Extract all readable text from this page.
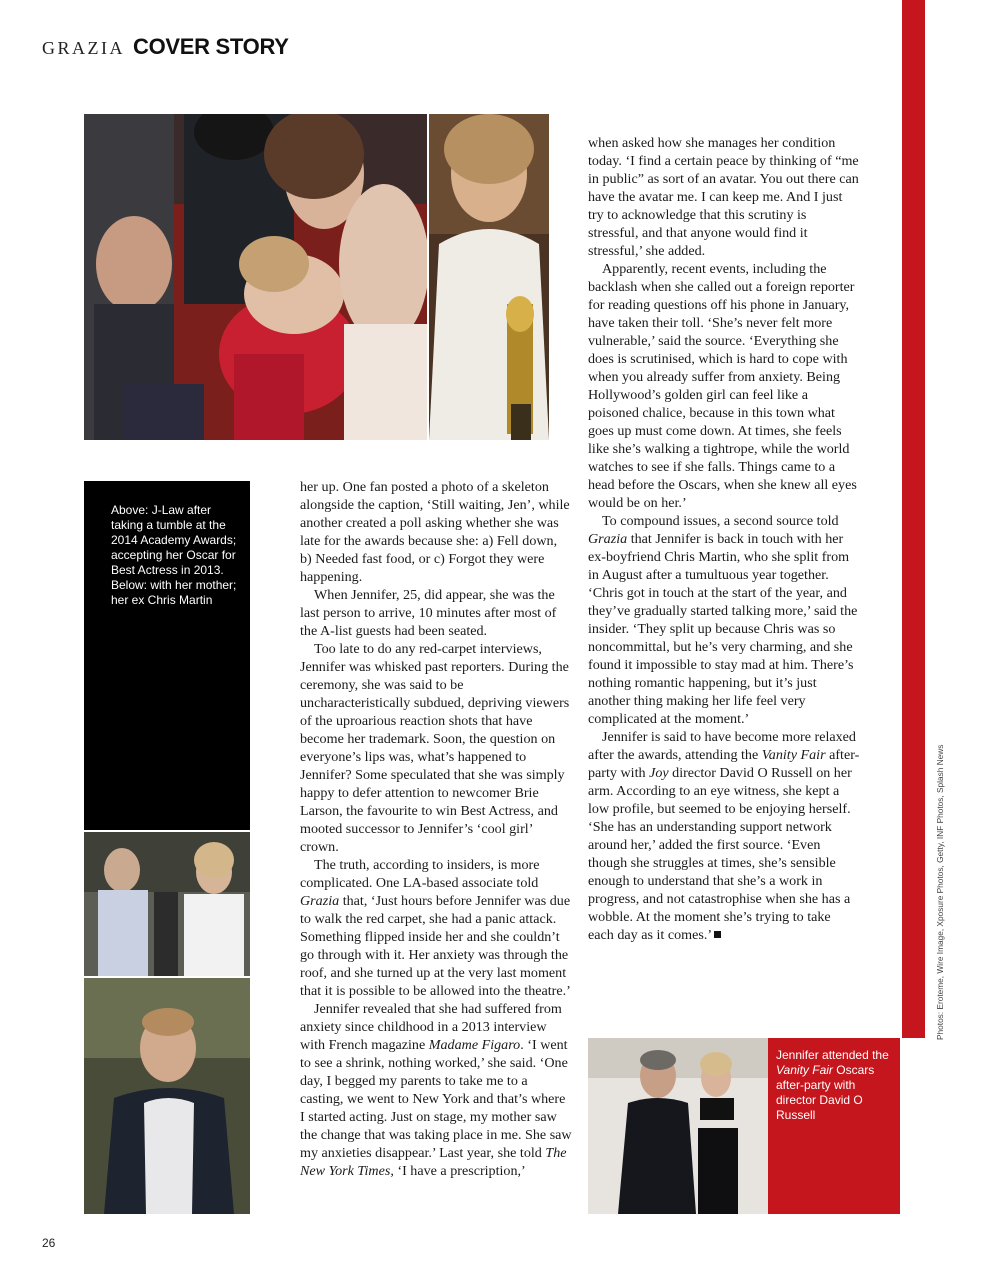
GRAZIA COVER STORY

Above: J-Law after taking a tumble at the 2014 Academy Awards; accepting her Oscar for Best Actress in 2013. Below: with her mother; her ex Chris Martin

her up. One fan posted a photo of a skeleton alongside the caption, ‘Still waiting, Jen’, while another created a poll asking whether she was late for the awards because she: a) Fell down, b) Needed fast food, or c) Forgot they were happening.

When Jennifer, 25, did appear, she was the last person to arrive, 10 minutes after most of the A-list guests had been seated.

Too late to do any red-carpet interviews, Jennifer was whisked past reporters. During the ceremony, she was said to be uncharacteristically subdued, depriving viewers of the uproarious reaction shots that have become her trademark. Soon, the question on everyone’s lips was, what’s happened to Jennifer? Some speculated that she was simply happy to defer attention to newcomer Brie Larson, the favourite to win Best Actress, and mooted successor to Jennifer’s ‘cool girl’ crown.

The truth, according to insiders, is more complicated. One LA-based associate told Grazia that, ‘Just hours before Jennifer was due to walk the red carpet, she had a panic attack. Something flipped inside her and she couldn’t go through with it. Her anxiety was through the roof, and she turned up at the very last moment that it is possible to be allowed into the theatre.’

Jennifer revealed that she had suffered from anxiety since childhood in a 2013 interview with French magazine Madame Figaro. ‘I went to see a shrink, nothing worked,’ she said. ‘One day, I begged my parents to take me to a casting, we went to New York and that’s where I started acting. Just on stage, my mother saw the change that was taking place in me. She saw my anxieties disappear.’ Last year, she told The New York Times, ‘I have a prescription,’

when asked how she manages her condition today. ‘I find a certain peace by thinking of “me in public” as sort of an avatar. You out there can have the avatar me. I can keep me. And I just try to acknowledge that this scrutiny is stressful, and that anyone would find it stressful,’ she added.

Apparently, recent events, including the backlash when she called out a foreign reporter for reading questions off his phone in January, have taken their toll. ‘She’s never felt more vulnerable,’ said the source. ‘Everything she does is scrutinised, which is hard to cope with when you already suffer from anxiety. Being Hollywood’s golden girl can feel like a poisoned chalice, because in this town what goes up must come down. At times, she feels like she’s walking a tightrope, while the world watches to see if she falls. Things came to a head before the Oscars, when she knew all eyes would be on her.’

To compound issues, a second source told Grazia that Jennifer is back in touch with her ex-boyfriend Chris Martin, who she split from in August after a tumultuous year together. ‘Chris got in touch at the start of the year, and they’ve gradually started talking more,’ said the insider. ‘They split up because Chris was so noncommittal, but he’s very charming, and she found it impossible to stay mad at him. There’s nothing romantic happening, but it’s just another thing making her life feel very complicated at the moment.’

Jennifer is said to have become more relaxed after the awards, attending the Vanity Fair after-party with Joy director David O Russell on her arm. According to an eye witness, she kept a low profile, but seemed to be enjoying herself. ‘She has an understanding support network around her,’ added the first source. ‘Even though she struggles at times, she’s sensible enough to understand that she’s a work in progress, and not catastrophise when she has a wobble. At the moment she’s trying to take each day as it comes.’

Jennifer attended the Vanity Fair Oscars after-party with director David O Russell

Photos: Eroteme, Wire Image, Xposure Photos, Getty, INF Photos, Splash News
26
